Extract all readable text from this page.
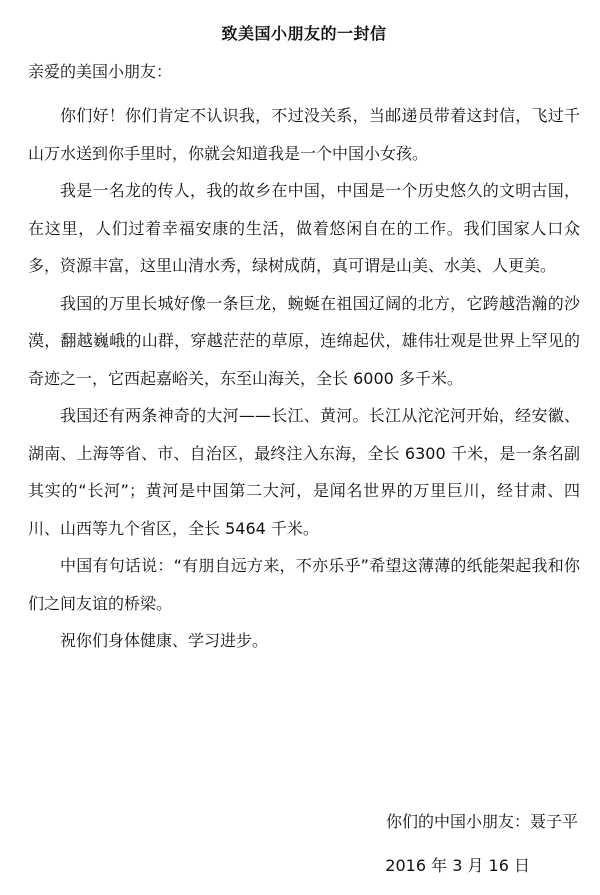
致美国小朋友的一封信
亲爱的美国小朋友：

你们好！你们肯定不认识我，不过没关系，当邮递员带着这封信，飞过千山万水送到你手里时，你就会知道我是一个中国小女孩。

我是一名龙的传人，我的故乡在中国，中国是一个历史悠久的文明古国，在这里，人们过着幸福安康的生活，做着悠闲自在的工作。我们国家人口众多，资源丰富，这里山清水秀，绿树成荫，真可谓是山美、水美、人更美。

我国的万里长城好像一条巨龙，蜿蜒在祖国辽阔的北方，它跨越浩瀚的沙漠，翻越巍峨的山群，穿越茫茫的草原，连绵起伏，雄伟壮观是世界上罕见的奇迹之一，它西起嘉峪关，东至山海关，全长 6000 多千米。

我国还有两条神奇的大河——长江、黄河。长江从沱沱河开始，经安徽、湖南、上海等省、市、自治区，最终注入东海，全长 6300 千米，是一条名副其实的“长河”；黄河是中国第二大河，是闻名世界的万里巨川，经甘肃、四川、山西等九个省区，全长 5464 千米。

中国有句话说：“有朋自远方来，不亦乐乎”希望这薄薄的纸能架起我和你们之间友谊的桥梁。

祝你们身体健康、学习进步。

你们的中国小朋友：聂子平
2016 年 3 月 16 日
